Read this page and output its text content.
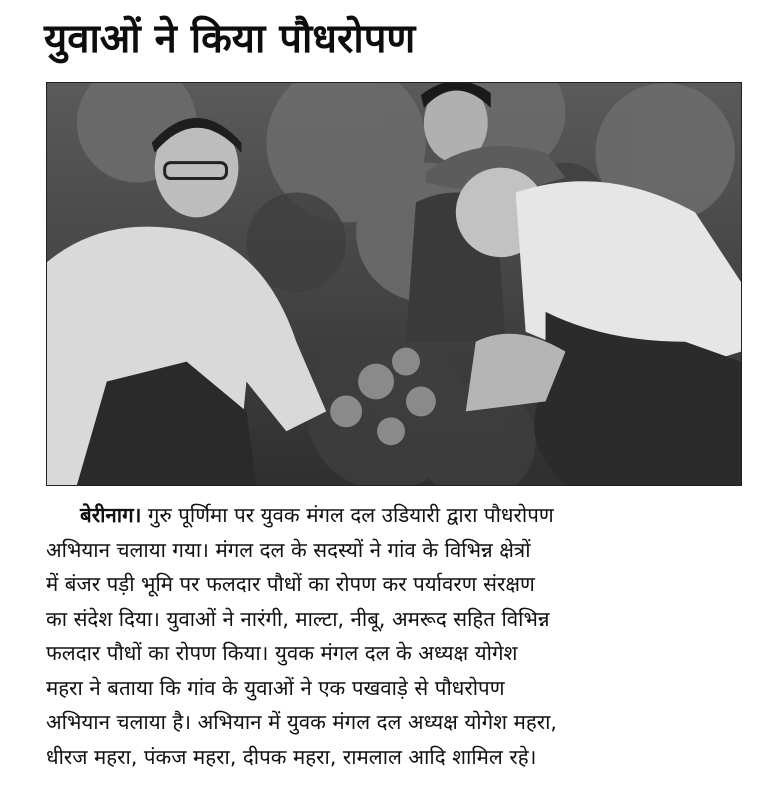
युवाओं ने किया पौधरोपण
बेरीनाग। गुरु पूर्णिमा पर युवक मंगल दल उडियारी द्वारा पौधरोपण
अभियान चलाया गया। मंगल दल के सदस्यों ने गांव के विभिन्न क्षेत्रों
में बंजर पड़ी भूमि पर फलदार पौधों का रोपण कर पर्यावरण संरक्षण
का संदेश दिया। युवाओं ने नारंगी, माल्टा, नीबू, अमरूद सहित विभिन्न
फलदार पौधों का रोपण किया। युवक मंगल दल के अध्यक्ष योगेश
महरा ने बताया कि गांव के युवाओं ने एक पखवाड़े से पौधरोपण
अभियान चलाया है। अभियान में युवक मंगल दल अध्यक्ष योगेश महरा,
धीरज महरा, पंकज महरा, दीपक महरा, रामलाल आदि शामिल रहे।
